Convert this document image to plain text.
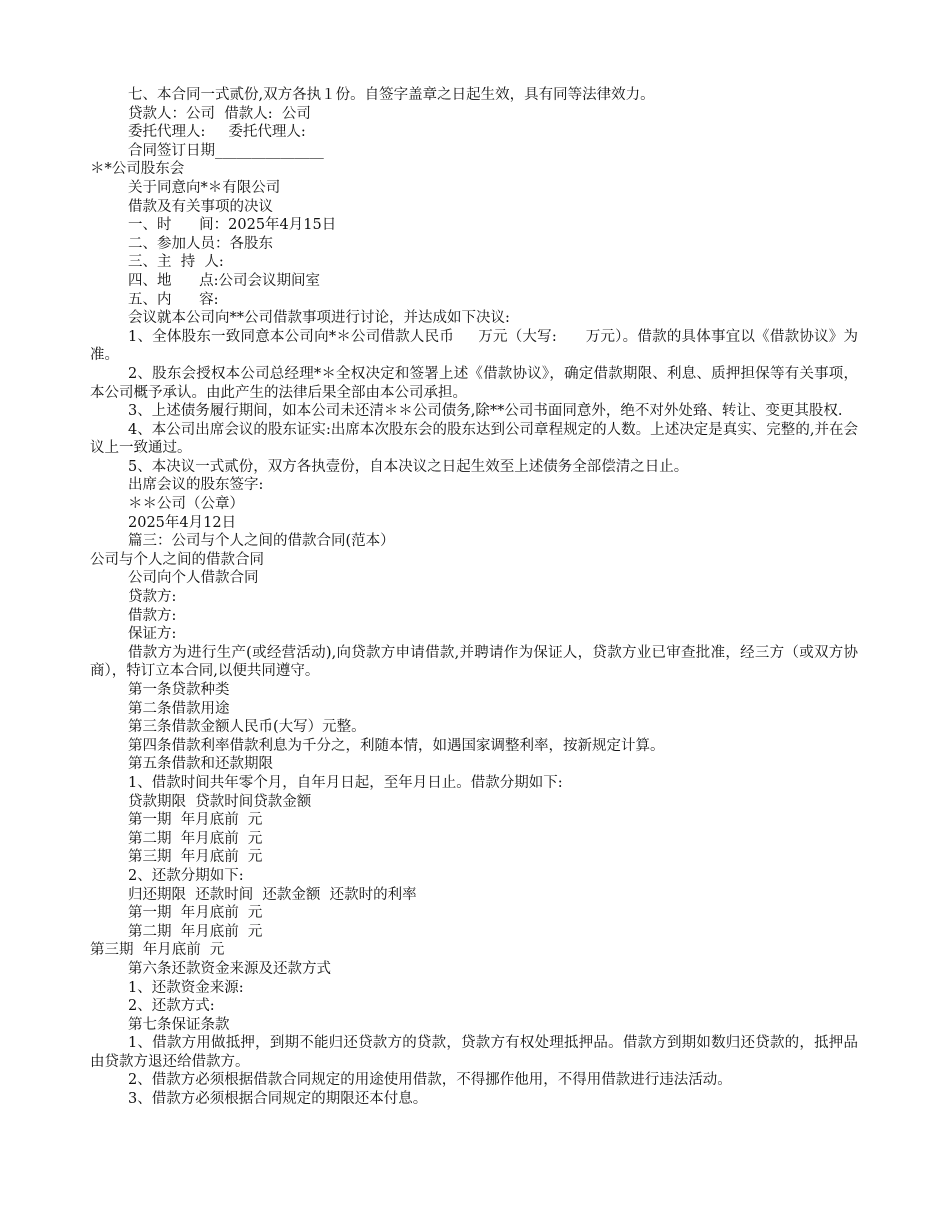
七、本合同一式贰份,双方各执１份。自签字盖章之日起生效，具有同等法律效力。

贷款人：公司  借款人:  公司

委托代理人:     委托代理人:

合同签订日期_______________

＊*公司股东会

关于同意向*＊有限公司

借款及有关事项的决议

一、时      间：2025年4月15日

二、参加人员：各股东

三、主  持  人:

四、地      点:公司会议期间室

五、内      容:

会议就本公司向**公司借款事项进行讨论，并达成如下决议:

1、全体股东一致同意本公司向*＊公司借款人民币     万元（大写:      万元）。借款的具体事宜以《借款协议》为准。

2、股东会授权本公司总经理*＊全权决定和签署上述《借款协议》，确定借款期限、利息、质押担保等有关事项，本公司概予承认。由此产生的法律后果全部由本公司承担。

3、上述债务履行期间，如本公司未还清＊＊公司债务,除**公司书面同意外，绝不对外处臵、转让、变更其股权.

4、本公司出席会议的股东证实:出席本次股东会的股东达到公司章程规定的人数。上述决定是真实、完整的,并在会议上一致通过。

5、本决议一式贰份，双方各执壹份，自本决议之日起生效至上述债务全部偿清之日止。

出席会议的股东签字:

＊＊公司（公章）

2025年4月12日

篇三：公司与个人之间的借款合同(范本）

公司与个人之间的借款合同

公司向个人借款合同

贷款方:

借款方:

保证方:

借款方为进行生产(或经营活动),向贷款方申请借款,并聘请作为保证人，贷款方业已审查批准，经三方（或双方协商），特订立本合同,以便共同遵守。

第一条贷款种类

第二条借款用途

第三条借款金额人民币(大写）元整。

第四条借款利率借款利息为千分之，利随本情，如遇国家调整利率，按新规定计算。

第五条借款和还款期限

1、借款时间共年零个月，自年月日起，至年月日止。借款分期如下:

贷款期限  贷款时间贷款金额

第一期  年月底前  元

第二期  年月底前  元

第三期  年月底前  元

2、还款分期如下:

归还期限  还款时间  还款金额  还款时的利率

第一期  年月底前  元

第二期  年月底前  元

第三期  年月底前  元

第六条还款资金来源及还款方式

1、还款资金来源:

2、还款方式:

第七条保证条款

1、借款方用做抵押，到期不能归还贷款方的贷款，贷款方有权处理抵押品。借款方到期如数归还贷款的，抵押品由贷款方退还给借款方。

2、借款方必须根据借款合同规定的用途使用借款，不得挪作他用，不得用借款进行违法活动。

3、借款方必须根据合同规定的期限还本付息。
